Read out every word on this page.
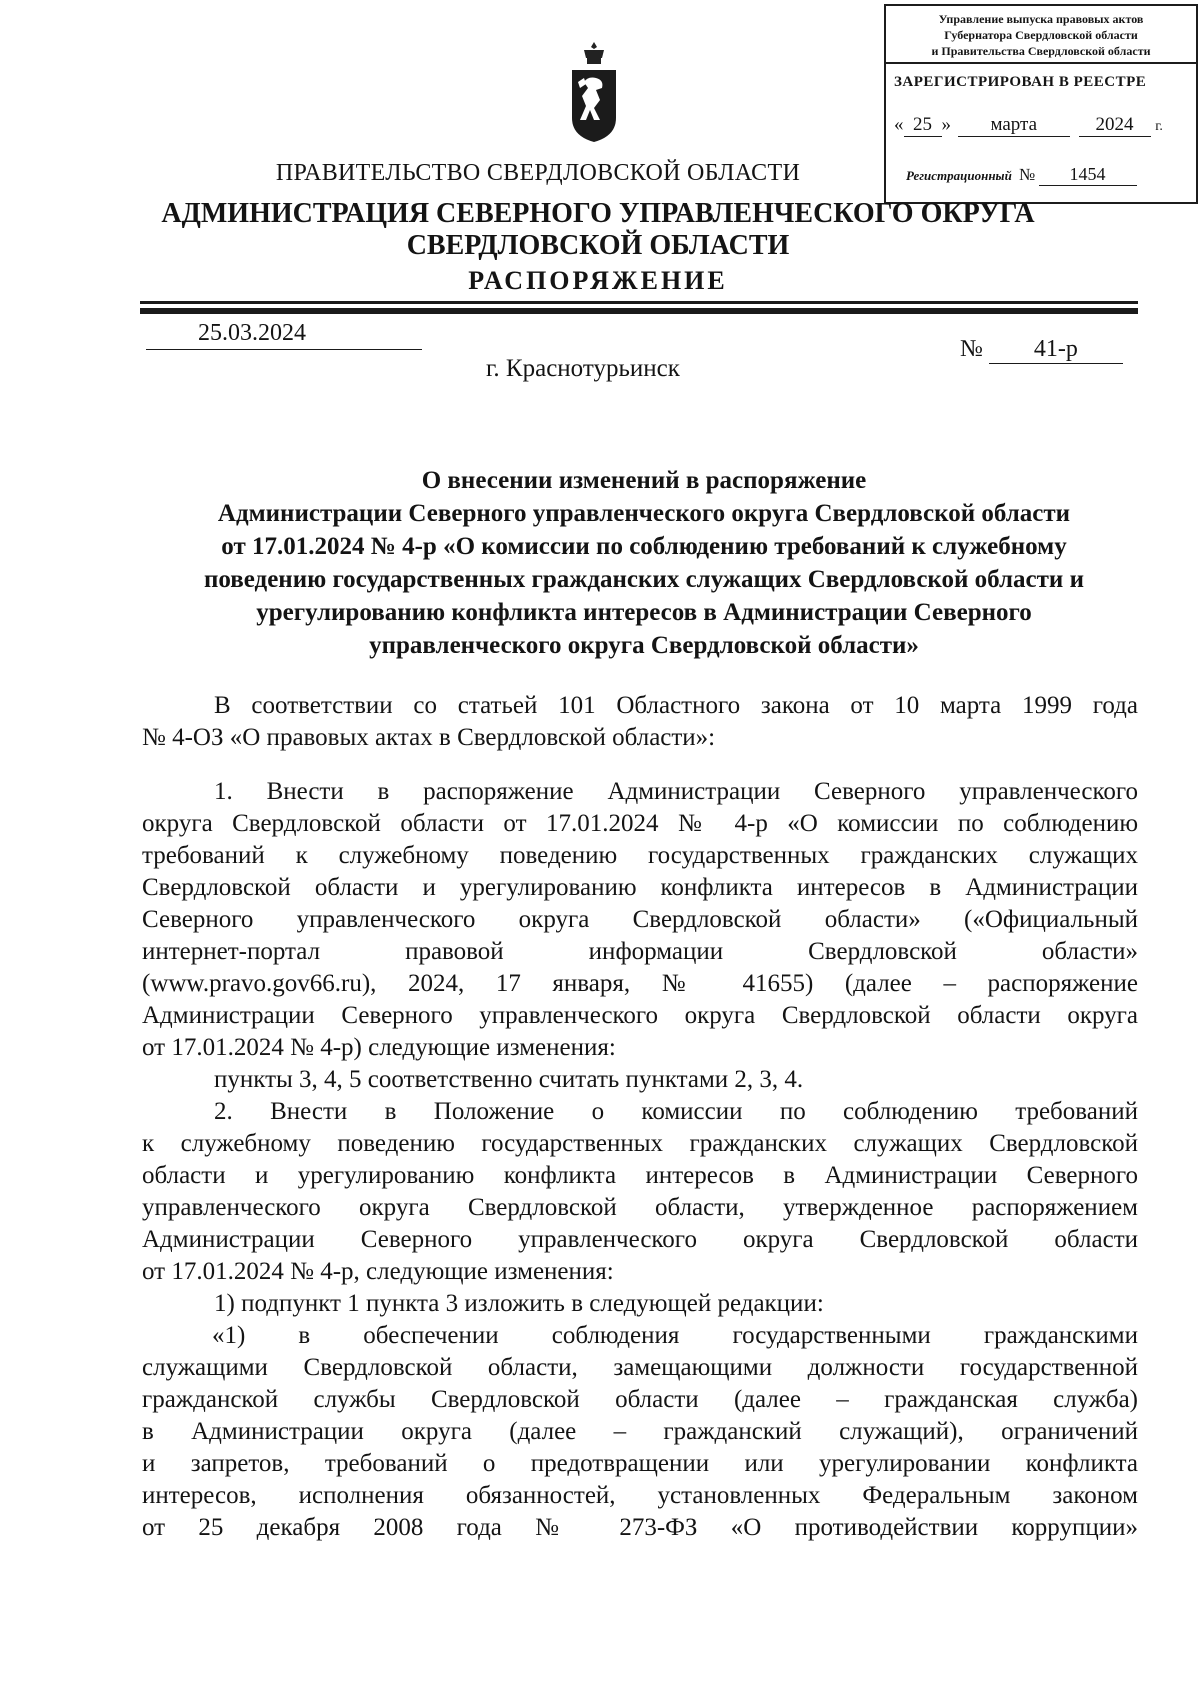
Управление выпуска правовых актов
Губернатора Свердловской области
и Правительства Свердловской области
ЗАРЕГИСТРИРОВАН В РЕЕСТРЕ
« 25 » марта	2024 г.
Регистрационный № 1454
ПРАВИТЕЛЬСТВО СВЕРДЛОВСКОЙ ОБЛАСТИ
АДМИНИСТРАЦИЯ СЕВЕРНОГО УПРАВЛЕНЧЕСКОГО ОКРУГА
СВЕРДЛОВСКОЙ ОБЛАСТИ
РАСПОРЯЖЕНИЕ
25.03.2024
г. Краснотурьинск
№ 41-р
О внесении изменений в распоряжение
Администрации Северного управленческого округа Свердловской области
от 17.01.2024 № 4-р «О комиссии по соблюдению требований к служебному
поведению государственных гражданских служащих Свердловской области и
урегулированию конфликта интересов в Администрации Северного
управленческого округа Свердловской области»
В соответствии со статьей 101 Областного закона от 10 марта 1999 года
№ 4-ОЗ «О правовых актах в Свердловской области»:
1. Внести в распоряжение Администрации Северного управленческого
округа Свердловской области от 17.01.2024 № 4-р «О комиссии по соблюдению
требований к служебному поведению государственных гражданских служащих
Свердловской области и урегулированию конфликта интересов в Администрации
Северного управленческого округа Свердловской области» («Официальный
интернет-портал правовой информации Свердловской области»
(www.pravo.gov66.ru), 2024, 17 января, № 41655) (далее – распоряжение
Администрации Северного управленческого округа Свердловской области округа
от 17.01.2024 № 4-р) следующие изменения:
пункты 3, 4, 5 соответственно считать пунктами 2, 3, 4.
2. Внести в Положение о комиссии по соблюдению требований
к служебному поведению государственных гражданских служащих Свердловской
области и урегулированию конфликта интересов в Администрации Северного
управленческого округа Свердловской области, утвержденное распоряжением
Администрации Северного управленческого округа Свердловской области
от 17.01.2024 № 4-р, следующие изменения:
1) подпункт 1 пункта 3 изложить в следующей редакции:
«1) в обеспечении соблюдения государственными гражданскими
служащими Свердловской области, замещающими должности государственной
гражданской службы Свердловской области (далее – гражданская служба)
в Администрации округа (далее – гражданский служащий), ограничений
и запретов, требований о предотвращении или урегулировании конфликта
интересов, исполнения обязанностей, установленных Федеральным законом
от 25 декабря 2008 года № 273-ФЗ «О противодействии коррупции»
